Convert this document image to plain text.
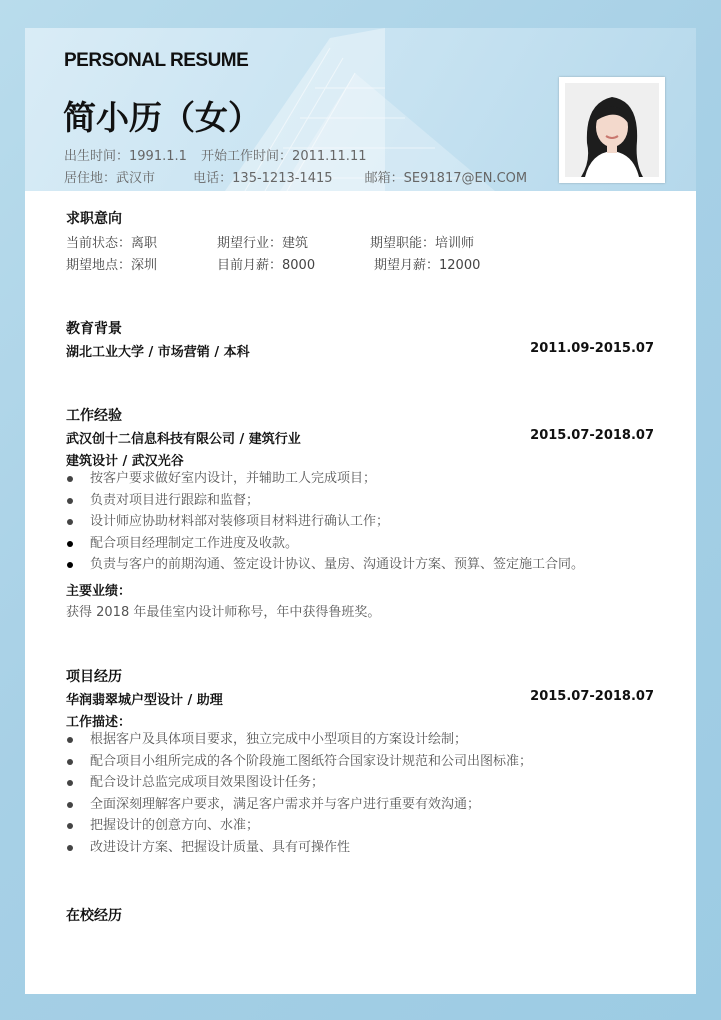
PERSONAL RESUME
简小历（女）
出生时间：1991.1.1 开始工作时间：2011.11.11
居住地：武汉市	电话：135-1213-1415 邮箱：SE91817@EN.COM
求职意向
当前状态：离职	期望行业：建筑	期望职能：培训师
期望地点：深圳	目前月薪：8000	期望月薪：12000
教育背景
湖北工业大学 / 市场营销 / 本科	2011.09-2015.07
工作经验
武汉创十二信息科技有限公司 / 建筑行业	2015.07-2018.07
建筑设计 / 武汉光谷
按客户要求做好室内设计，并辅助工人完成项目；
负责对项目进行跟踪和监督；
设计师应协助材料部对装修项目材料进行确认工作；
配合项目经理制定工作进度及收款。
负责与客户的前期沟通、签定设计协议、量房、沟通设计方案、预算、签定施工合同。
主要业绩：
获得 2018 年最佳室内设计师称号，年中获得鲁班奖。
项目经历
华润翡翠城户型设计 / 助理	2015.07-2018.07
工作描述：
根据客户及具体项目要求，独立完成中小型项目的方案设计绘制；
配合项目小组所完成的各个阶段施工图纸符合国家设计规范和公司出图标准；
配合设计总监完成项目效果图设计任务；
全面深刻理解客户要求，满足客户需求并与客户进行重要有效沟通；
把握设计的创意方向、水准；
改进设计方案、把握设计质量、具有可操作性
在校经历
